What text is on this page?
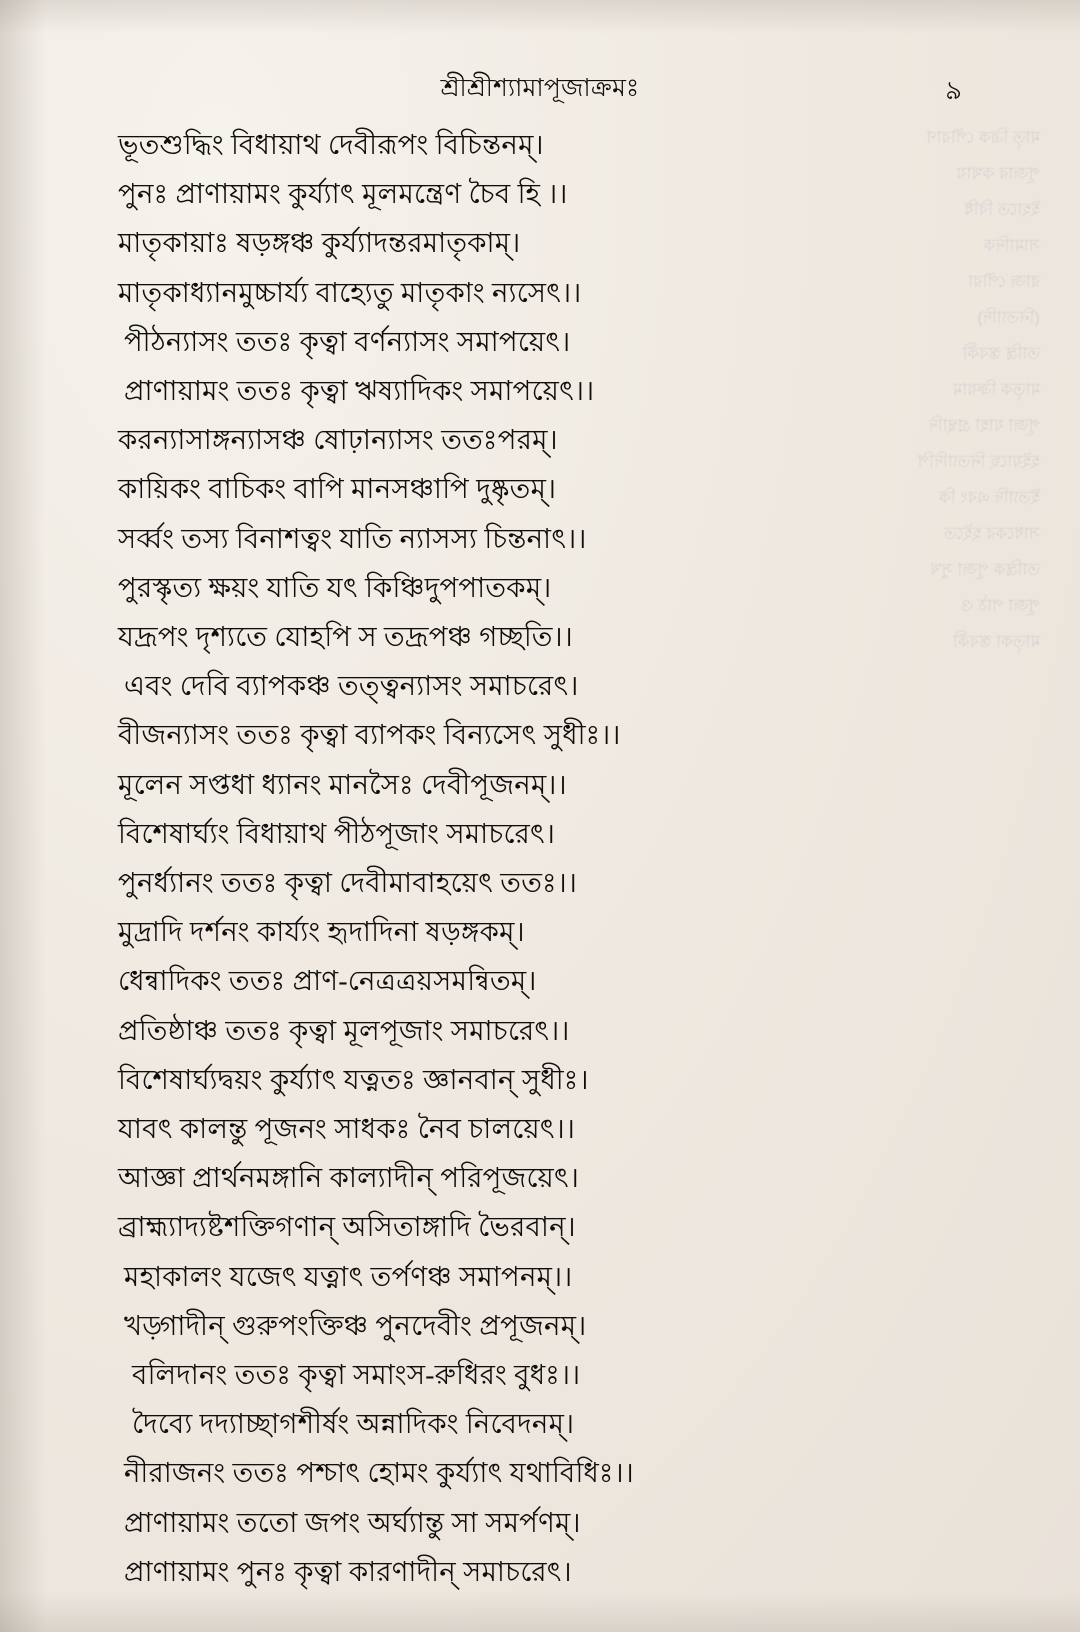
মাতৃ ত্রিক পৌরাণ
পূজার কথায়
ইহাতে বিধি
সামাদিক
রাজ পৌরা
(নিত্যাদি)
তান্ত্রি স্তবকী
মাতৃক ক্রিয়াম
পূজা যাহা গ্রন্থাদি
হইয়াছে নিত্যাদিপি
ইত্যাদি এবং কি
সাধকের হইতে
তান্ত্রিক পূজা সুখ
পূজা পাঠ ও
মাতৃকা স্তবকী
শ্রীশ্রীশ্যামাপূজাক্রমঃ	৯
ভূতশুদ্ধিং বিধায়াথ দেবীরূপং বিচিন্তনম্।
পুনঃ প্রাণায়ামং কুর্য্যাৎ মূলমন্ত্রেণ চৈব হি ।।
মাতৃকায়াঃ ষড়ঙ্গঞ্চ কুর্য্যাদন্তরমাতৃকাম্।
মাতৃকাধ্যানমুচ্চার্য্য বাহ্যেতু মাতৃকাং ন্যসেৎ।।
পীঠন্যাসং ততঃ কৃত্বা বর্ণন্যাসং সমাপয়েৎ।
প্রাণায়ামং ততঃ কৃত্বা ঋষ্যাদিকং সমাপয়েৎ।।
করন্যাসাঙ্গন্যাসঞ্চ ষোঢ়ান্যাসং ততঃপরম্।
কায়িকং বাচিকং বাপি মানসঞ্চাপি দুষ্কৃতম্।
সর্ব্বং তস্য বিনাশত্বং যাতি ন্যাসস্য চিন্তনাৎ।।
পুরস্কৃত্য ক্ষয়ং যাতি যৎ কিঞ্চিদুপপাতকম্।
যদ্রূপং দৃশ্যতে যোহপি স তদ্রূপঞ্চ গচ্ছতি।।
এবং দেবি ব্যাপকঞ্চ তত্ত্বন্যাসং সমাচরেৎ।
বীজন্যাসং ততঃ কৃত্বা ব্যাপকং বিন্যসেৎ সুধীঃ।।
মূলেন সপ্তধা ধ্যানং মানসৈঃ দেবীপূজনম্।।
বিশেষার্ঘ্যং বিধায়াথ পীঠপূজাং সমাচরেৎ।
পুনর্ধ্যানং ততঃ কৃত্বা দেবীমাবাহয়েৎ ততঃ।।
মুদ্রাদি দর্শনং কার্য্যং হৃদাদিনা ষড়ঙ্গকম্।
ধেন্বাদিকং ততঃ প্রাণ-নেত্রত্রয়সমন্বিতম্।
প্রতিষ্ঠাঞ্চ ততঃ কৃত্বা মূলপূজাং সমাচরেৎ।।
বিশেষার্ঘ্যদ্বয়ং কুর্য্যাৎ যত্নতঃ জ্ঞানবান্ সুধীঃ।
যাবৎ কালন্তু পূজনং সাধকঃ নৈব চালয়েৎ।।
আজ্ঞা প্রার্থনমঙ্গানি কাল্যাদীন্ পরিপূজয়েৎ।
ব্রাহ্ম্যাদ্যষ্টশক্তিগণান্ অসিতাঙ্গাদি ভৈরবান্।
মহাকালং যজেৎ যত্নাৎ তর্পণঞ্চ সমাপনম্।।
খড়্গাদীন্ গুরুপংক্তিঞ্চ পুনদেবীং প্রপূজনম্।
বলিদানং ততঃ কৃত্বা সমাংস-রুধিরং বুধঃ।।
দৈব্যে দদ্যাচ্ছাগশীর্ষং অন্নাদিকং নিবেদনম্।
নীরাজনং ততঃ পশ্চাৎ হোমং কুর্য্যাৎ যথাবিধিঃ।।
প্রাণায়ামং ততো জপং অর্ঘ্যান্তু সা সমর্পণম্।
প্রাণায়ামং পুনঃ কৃত্বা কারণাদীন্ সমাচরেৎ।
